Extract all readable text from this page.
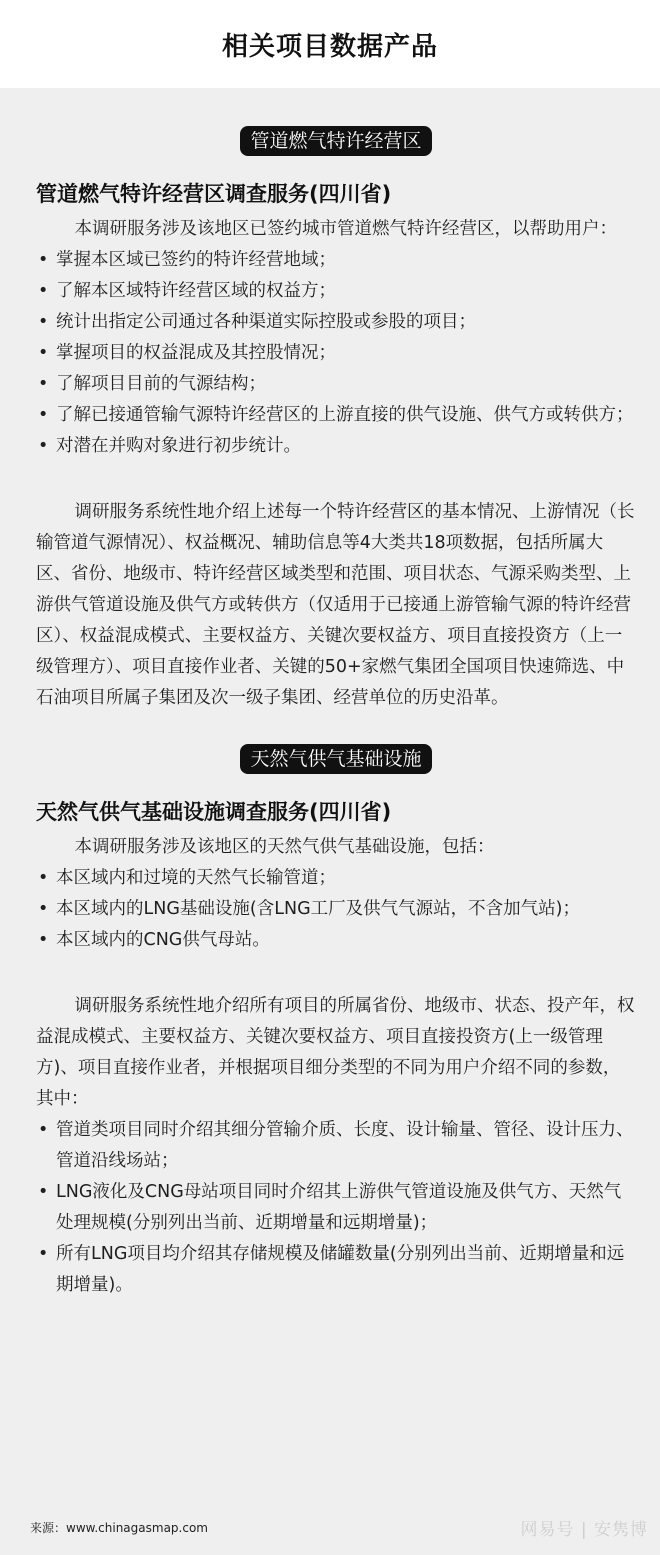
相关项目数据产品
管道燃气特许经营区
管道燃气特许经营区调查服务(四川省)

本调研服务涉及该地区已签约城市管道燃气特许经营区，以帮助用户：

• 掌握本区域已签约的特许经营地域；
• 了解本区域特许经营区域的权益方；
• 统计出指定公司通过各种渠道实际控股或参股的项目；
• 掌握项目的权益混成及其控股情况；
• 了解项目目前的气源结构；
• 了解已接通管输气源特许经营区的上游直接的供气设施、供气方或转供方；
• 对潜在并购对象进行初步统计。

调研服务系统性地介绍上述每一个特许经营区的基本情况、上游情况（长输管道气源情况）、权益概况、辅助信息等4大类共18项数据，包括所属大区、省份、地级市、特许经营区域类型和范围、项目状态、气源采购类型、上游供气管道设施及供气方或转供方（仅适用于已接通上游管输气源的特许经营区）、权益混成模式、主要权益方、关键次要权益方、项目直接投资方（上一级管理方）、项目直接作业者、关键的50+家燃气集团全国项目快速筛选、中石油项目所属子集团及次一级子集团、经营单位的历史沿革。

天然气供气基础设施
天然气供气基础设施调查服务(四川省)

本调研服务涉及该地区的天然气供气基础设施，包括：

• 本区域内和过境的天然气长输管道；
• 本区域内的LNG基础设施(含LNG工厂及供气气源站，不含加气站)；
• 本区域内的CNG供气母站。

调研服务系统性地介绍所有项目的所属省份、地级市、状态、投产年，权益混成模式、主要权益方、关键次要权益方、项目直接投资方(上一级管理方)、项目直接作业者，并根据项目细分类型的不同为用户介绍不同的参数，其中：

• 管道类项目同时介绍其细分管输介质、长度、设计输量、管径、设计压力、管道沿线场站；
• LNG液化及CNG母站项目同时介绍其上游供气管道设施及供气方、天然气处理规模(分别列出当前、近期增量和远期增量)；
• 所有LNG项目均介绍其存储规模及储罐数量(分别列出当前、近期增量和远期增量)。
来源：www.chinagasmap.com	网易号 | 安隽博
